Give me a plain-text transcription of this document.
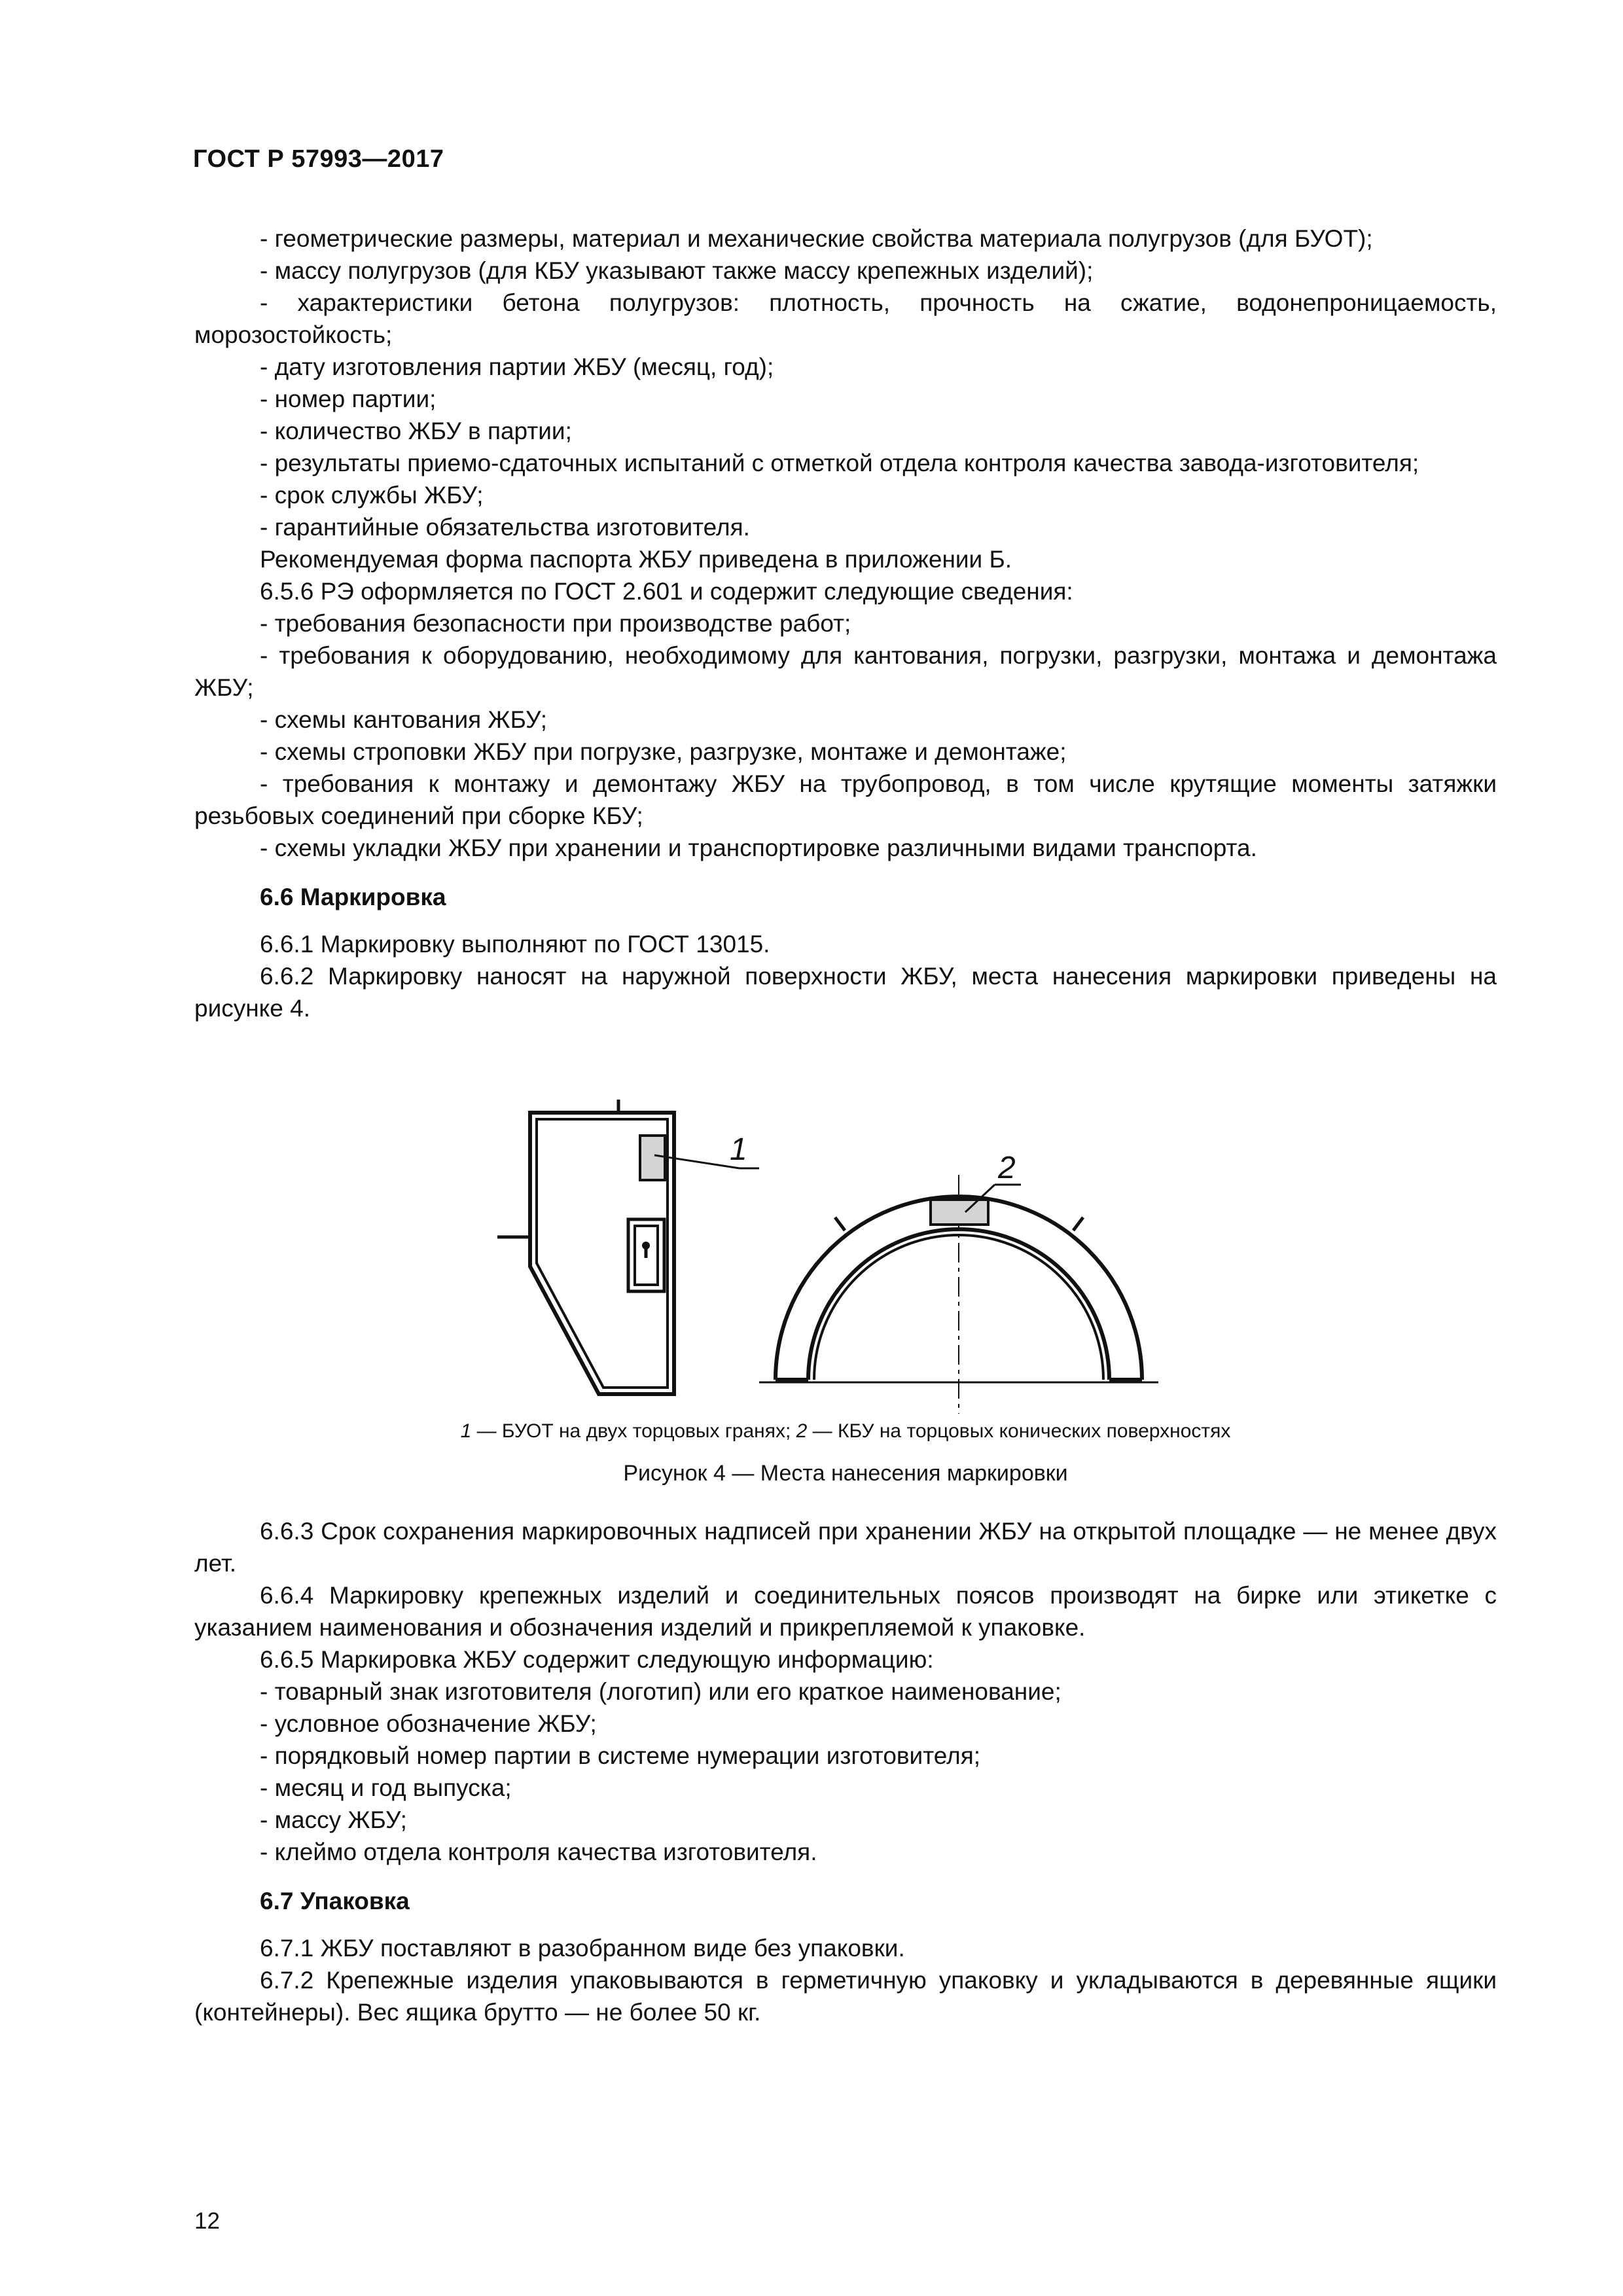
ГОСТ Р 57993—2017

- геометрические размеры, материал и механические свойства материала полугрузов (для БУОТ);

- массу полугрузов (для КБУ указывают также массу крепежных изделий);

- характеристики бетона полугрузов: плотность, прочность на сжатие, водонепроницаемость, морозостойкость;

- дату изготовления партии ЖБУ (месяц, год);

- номер партии;

- количество ЖБУ в партии;

- результаты приемо-сдаточных испытаний с отметкой отдела контроля качества завода-изготовителя;

- срок службы ЖБУ;

- гарантийные обязательства изготовителя.

Рекомендуемая форма паспорта ЖБУ приведена в приложении Б.

6.5.6 РЭ оформляется по ГОСТ 2.601 и содержит следующие сведения:

- требования безопасности при производстве работ;

- требования к оборудованию, необходимому для кантования, погрузки, разгрузки, монтажа и демонтажа ЖБУ;

- схемы кантования ЖБУ;

- схемы строповки ЖБУ при погрузке, разгрузке, монтаже и демонтаже;

- требования к монтажу и демонтажу ЖБУ на трубопровод, в том числе крутящие моменты затяжки резьбовых соединений при сборке КБУ;

- схемы укладки ЖБУ при хранении и транспортировке различными видами транспорта.

6.6 Маркировка

6.6.1 Маркировку выполняют по ГОСТ 13015.

6.6.2 Маркировку наносят на наружной поверхности ЖБУ, места нанесения маркировки приведены на рисунке 4.

1
2
1 — БУОТ на двух торцовых гранях; 2 — КБУ на торцовых конических поверхностях
Рисунок 4 — Места нанесения маркировки

6.6.3 Срок сохранения маркировочных надписей при хранении ЖБУ на открытой площадке — не менее двух лет.

6.6.4 Маркировку крепежных изделий и соединительных поясов производят на бирке или этикетке с указанием наименования и обозначения изделий и прикрепляемой к упаковке.

6.6.5 Маркировка ЖБУ содержит следующую информацию:

- товарный знак изготовителя (логотип) или его краткое наименование;

- условное обозначение ЖБУ;

- порядковый номер партии в системе нумерации изготовителя;

- месяц и год выпуска;

- массу ЖБУ;

- клеймо отдела контроля качества изготовителя.

6.7 Упаковка

6.7.1 ЖБУ поставляют в разобранном виде без упаковки.

6.7.2 Крепежные изделия упаковываются в герметичную упаковку и укладываются в деревянные ящики (контейнеры). Вес ящика брутто — не более 50 кг.

12
